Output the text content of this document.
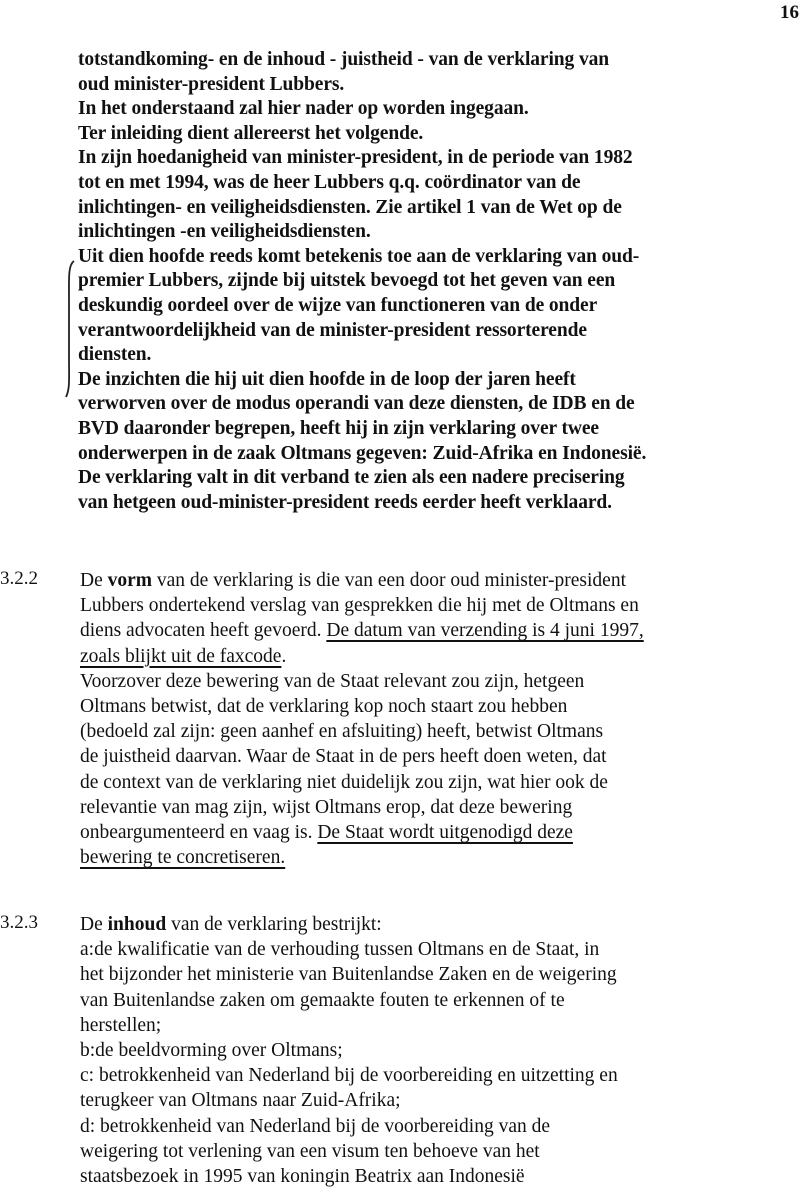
16
totstandkoming- en de inhoud - juistheid - van de verklaring van
oud minister-president Lubbers.
In het onderstaand zal hier nader op worden ingegaan.
Ter inleiding dient allereerst het volgende.
In zijn hoedanigheid van minister-president, in de periode van 1982
tot en met 1994, was de heer Lubbers q.q. coördinator van de
inlichtingen- en veiligheidsdiensten. Zie artikel 1 van de Wet op de
inlichtingen -en veiligheidsdiensten.
Uit dien hoofde reeds komt betekenis toe aan de verklaring van oud-
premier Lubbers, zijnde bij uitstek bevoegd tot het geven van een
deskundig oordeel over de wijze van functioneren van de onder
verantwoordelijkheid van de minister-president ressorterende
diensten.
De inzichten die hij uit dien hoofde in de loop der jaren heeft
verworven over de modus operandi van deze diensten, de IDB en de
BVD daaronder begrepen, heeft hij in zijn verklaring over twee
onderwerpen in de zaak Oltmans gegeven: Zuid-Afrika en Indonesië.
De verklaring valt in dit verband te zien als een nadere precisering
van hetgeen oud-minister-president reeds eerder heeft verklaard.
3.2.2 De vorm van de verklaring is die van een door oud minister-president
Lubbers ondertekend verslag van gesprekken die hij met de Oltmans en
diens advocaten heeft gevoerd. De datum van verzending is 4 juni 1997,
zoals blijkt uit de faxcode.
Voorzover deze bewering van de Staat relevant zou zijn, hetgeen
Oltmans betwist, dat de verklaring kop noch staart zou hebben
(bedoeld zal zijn: geen aanhef en afsluiting) heeft, betwist Oltmans
de juistheid daarvan. Waar de Staat in de pers heeft doen weten, dat
de context van de verklaring niet duidelijk zou zijn, wat hier ook de
relevantie van mag zijn, wijst Oltmans erop, dat deze bewering
onbeargumenteerd en vaag is. De Staat wordt uitgenodigd deze
bewering te concretiseren.
3.2.3 De inhoud van de verklaring bestrijkt:
a:de kwalificatie van de verhouding tussen Oltmans en de Staat, in
het bijzonder het ministerie van Buitenlandse Zaken en de weigering
van Buitenlandse zaken om gemaakte fouten te erkennen of te
herstellen;
b:de beeldvorming over Oltmans;
c: betrokkenheid van Nederland bij de voorbereiding en uitzetting en
terugkeer van Oltmans naar Zuid-Afrika;
d: betrokkenheid van Nederland bij de voorbereiding van de
weigering tot verlening van een visum ten behoeve van het
staatsbezoek in 1995 van koningin Beatrix aan Indonesië
